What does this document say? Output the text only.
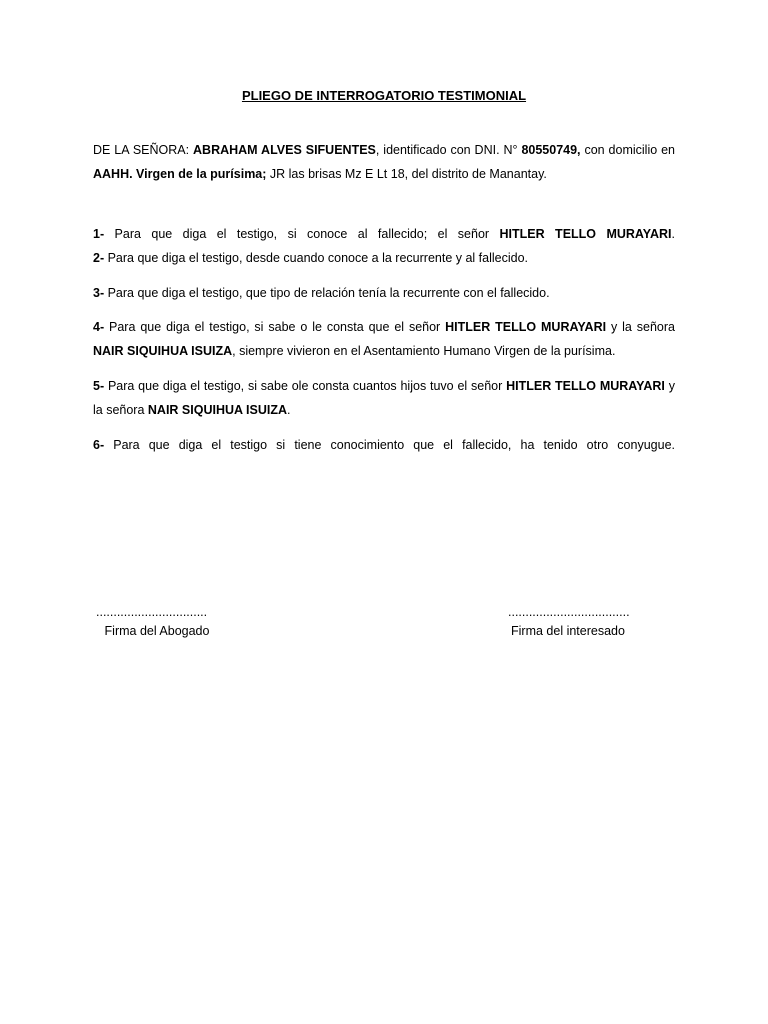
PLIEGO DE INTERROGATORIO TESTIMONIAL
DE LA SEÑORA: ABRAHAM ALVES SIFUENTES, identificado con DNI. N° 80550749, con domicilio en AAHH. Virgen de la purísima; JR las brisas Mz E Lt 18, del distrito de Manantay.
1- Para que diga el testigo, si conoce al fallecido; el señor HITLER TELLO MURAYARI.
2- Para que diga el testigo, desde cuando conoce a la recurrente y al fallecido.
3- Para que diga el testigo, que tipo de relación tenía la recurrente con el fallecido.
4- Para que diga el testigo, si sabe o le consta que el señor HITLER TELLO MURAYARI y la señora NAIR SIQUIHUA ISUIZA, siempre vivieron en el Asentamiento Humano Virgen de la purísima.
5- Para que diga el testigo, si sabe ole consta cuantos hijos tuvo el señor HITLER TELLO MURAYARI y la señora NAIR SIQUIHUA ISUIZA.
6- Para que diga el testigo si tiene conocimiento que el fallecido, ha tenido otro conyugue.
................................
Firma del Abogado
...................................
Firma del interesado
